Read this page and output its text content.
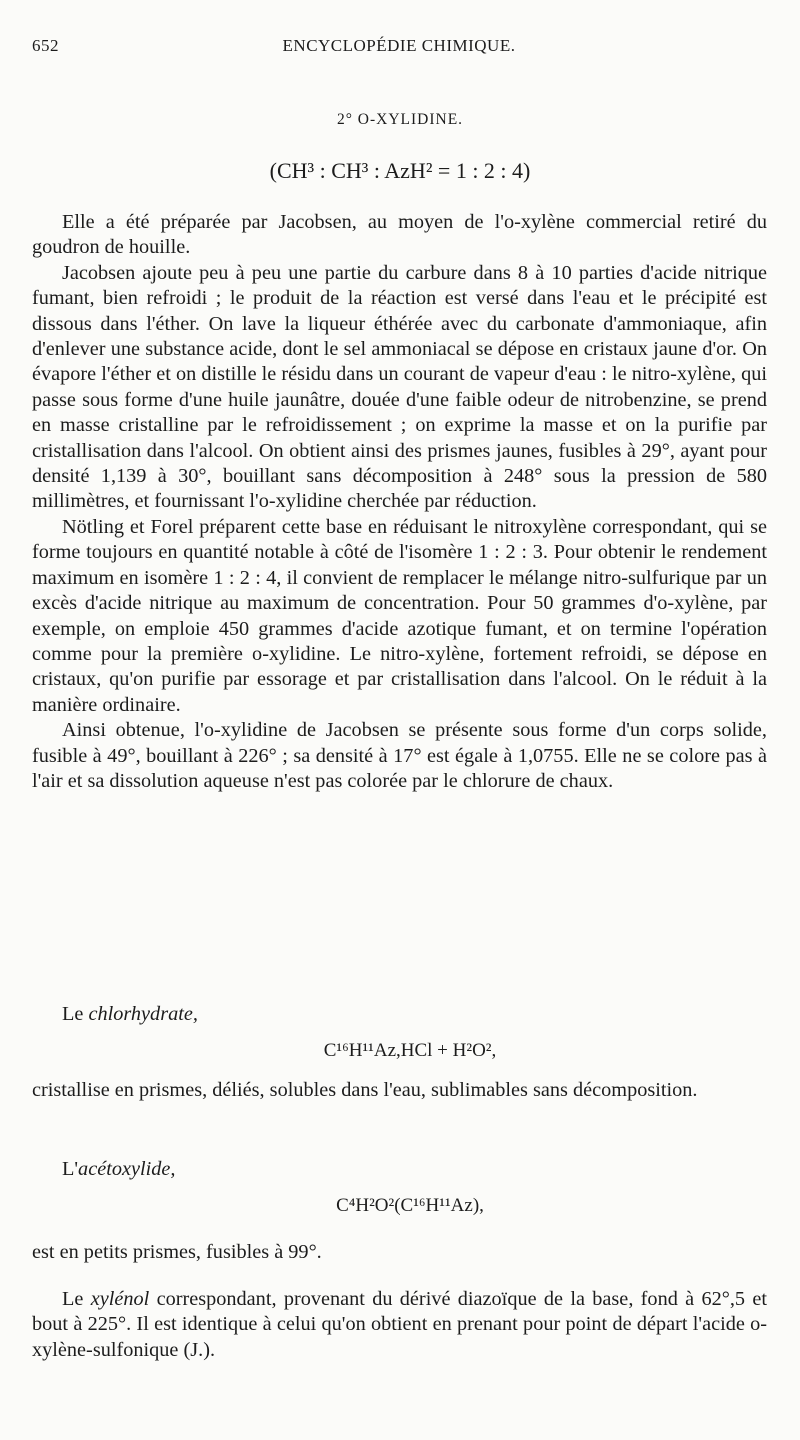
652	ENCYCLOPÉDIE CHIMIQUE.
2° O-XYLIDINE.
(CH³ : CH³ : AzH² = 1 : 2 : 4)

Elle a été préparée par Jacobsen, au moyen de l'o-xylène commercial retiré du goudron de houille.

Jacobsen ajoute peu à peu une partie du carbure dans 8 à 10 parties d'acide nitrique fumant, bien refroidi ; le produit de la réaction est versé dans l'eau et le précipité est dissous dans l'éther. On lave la liqueur éthérée avec du carbonate d'ammoniaque, afin d'enlever une substance acide, dont le sel ammoniacal se dépose en cristaux jaune d'or. On évapore l'éther et on distille le résidu dans un courant de vapeur d'eau : le nitro-xylène, qui passe sous forme d'une huile jaunâtre, douée d'une faible odeur de nitrobenzine, se prend en masse cristalline par le refroidissement ; on exprime la masse et on la purifie par cristallisation dans l'alcool. On obtient ainsi des prismes jaunes, fusibles à 29°, ayant pour densité 1,139 à 30°, bouillant sans décomposition à 248° sous la pression de 580 millimètres, et fournissant l'o-xylidine cherchée par réduction.

Nötling et Forel préparent cette base en réduisant le nitroxylène correspondant, qui se forme toujours en quantité notable à côté de l'isomère 1 : 2 : 3. Pour obtenir le rendement maximum en isomère 1 : 2 : 4, il convient de remplacer le mélange nitro-sulfurique par un excès d'acide nitrique au maximum de concentration. Pour 50 grammes d'o-xylène, par exemple, on emploie 450 grammes d'acide azotique fumant, et on termine l'opération comme pour la première o-xylidine. Le nitro-xylène, fortement refroidi, se dépose en cristaux, qu'on purifie par essorage et par cristallisation dans l'alcool. On le réduit à la manière ordinaire.

Ainsi obtenue, l'o-xylidine de Jacobsen se présente sous forme d'un corps solide, fusible à 49°, bouillant à 226° ; sa densité à 17° est égale à 1,0755. Elle ne se colore pas à l'air et sa dissolution aqueuse n'est pas colorée par le chlorure de chaux.

Le chlorhydrate,
C¹⁶H¹¹Az,HCl + H²O²,

cristallise en prismes, déliés, solubles dans l'eau, sublimables sans décomposition.

L'acétoxylide,
C⁴H²O²(C¹⁶H¹¹Az),

est en petits prismes, fusibles à 99°.

Le xylénol correspondant, provenant du dérivé diazoïque de la base, fond à 62°,5 et bout à 225°. Il est identique à celui qu'on obtient en prenant pour point de départ l'acide o-xylène-sulfonique (J.).
